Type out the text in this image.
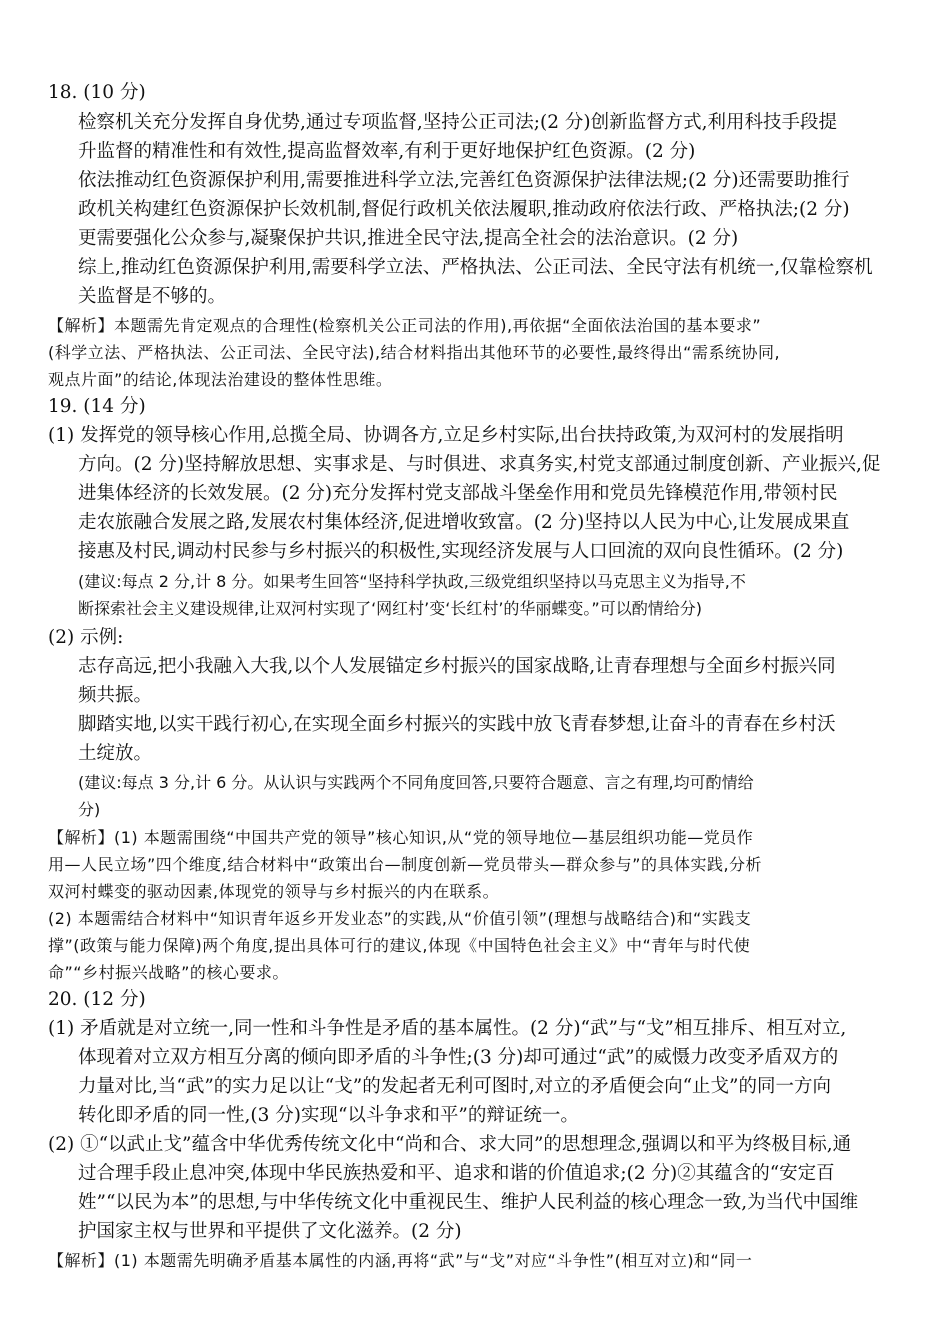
18. (10 分)
检察机关充分发挥自身优势,通过专项监督,坚持公正司法;(2 分)创新监督方式,利用科技手段提
升监督的精准性和有效性,提高监督效率,有利于更好地保护红色资源。(2 分)
依法推动红色资源保护利用,需要推进科学立法,完善红色资源保护法律法规;(2 分)还需要助推行
政机关构建红色资源保护长效机制,督促行政机关依法履职,推动政府依法行政、严格执法;(2 分)
更需要强化公众参与,凝聚保护共识,推进全民守法,提高全社会的法治意识。(2 分)
综上,推动红色资源保护利用,需要科学立法、严格执法、公正司法、全民守法有机统一,仅靠检察机
关监督是不够的。
【解析】本题需先肯定观点的合理性(检察机关公正司法的作用),再依据“全面依法治国的基本要求”
(科学立法、严格执法、公正司法、全民守法),结合材料指出其他环节的必要性,最终得出“需系统协同,
观点片面”的结论,体现法治建设的整体性思维。
19. (14 分)
(1) 发挥党的领导核心作用,总揽全局、协调各方,立足乡村实际,出台扶持政策,为双河村的发展指明
方向。(2 分)坚持解放思想、实事求是、与时俱进、求真务实,村党支部通过制度创新、产业振兴,促
进集体经济的长效发展。(2 分)充分发挥村党支部战斗堡垒作用和党员先锋模范作用,带领村民
走农旅融合发展之路,发展农村集体经济,促进增收致富。(2 分)坚持以人民为中心,让发展成果直
接惠及村民,调动村民参与乡村振兴的积极性,实现经济发展与人口回流的双向良性循环。(2 分)
(建议:每点 2 分,计 8 分。如果考生回答“坚持科学执政,三级党组织坚持以马克思主义为指导,不
断探索社会主义建设规律,让双河村实现了‘网红村’变‘长红村’的华丽蝶变。”可以酌情给分)
(2) 示例:
志存高远,把小我融入大我,以个人发展锚定乡村振兴的国家战略,让青春理想与全面乡村振兴同
频共振。
脚踏实地,以实干践行初心,在实现全面乡村振兴的实践中放飞青春梦想,让奋斗的青春在乡村沃
土绽放。
(建议:每点 3 分,计 6 分。从认识与实践两个不同角度回答,只要符合题意、言之有理,均可酌情给
分)
【解析】(1) 本题需围绕“中国共产党的领导”核心知识,从“党的领导地位—基层组织功能—党员作
用—人民立场”四个维度,结合材料中“政策出台—制度创新—党员带头—群众参与”的具体实践,分析
双河村蝶变的驱动因素,体现党的领导与乡村振兴的内在联系。
(2) 本题需结合材料中“知识青年返乡开发业态”的实践,从“价值引领”(理想与战略结合)和“实践支
撑”(政策与能力保障)两个角度,提出具体可行的建议,体现《中国特色社会主义》中“青年与时代使
命”“乡村振兴战略”的核心要求。
20. (12 分)
(1) 矛盾就是对立统一,同一性和斗争性是矛盾的基本属性。(2 分)“武”与“戈”相互排斥、相互对立,
体现着对立双方相互分离的倾向即矛盾的斗争性;(3 分)却可通过“武”的威慑力改变矛盾双方的
力量对比,当“武”的实力足以让“戈”的发起者无利可图时,对立的矛盾便会向“止戈”的同一方向
转化即矛盾的同一性,(3 分)实现“以斗争求和平”的辩证统一。
(2) ①“以武止戈”蕴含中华优秀传统文化中“尚和合、求大同”的思想理念,强调以和平为终极目标,通
过合理手段止息冲突,体现中华民族热爱和平、追求和谐的价值追求;(2 分)②其蕴含的“安定百
姓”“以民为本”的思想,与中华传统文化中重视民生、维护人民利益的核心理念一致,为当代中国维
护国家主权与世界和平提供了文化滋养。(2 分)
【解析】(1) 本题需先明确矛盾基本属性的内涵,再将“武”与“戈”对应“斗争性”(相互对立)和“同一
